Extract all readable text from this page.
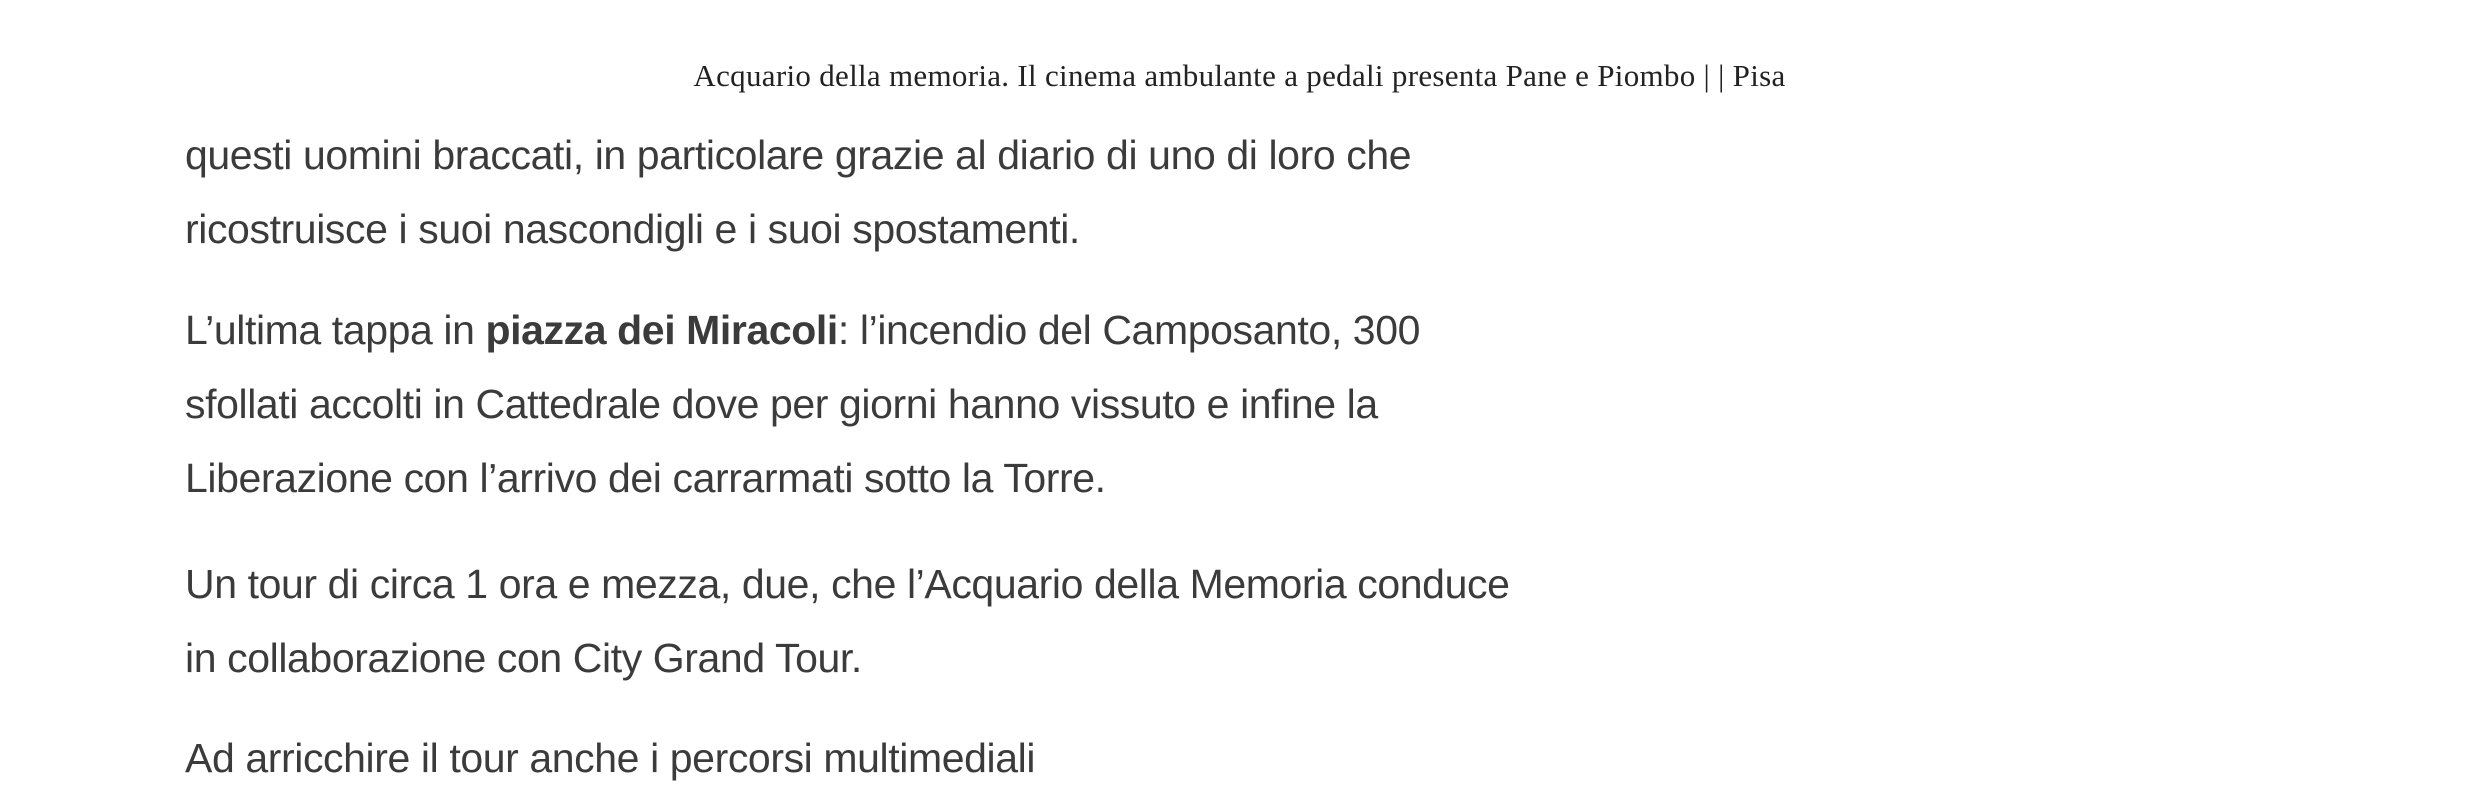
Acquario della memoria. Il cinema ambulante a pedali presenta Pane e Piombo | | Pisa
questi uomini braccati, in particolare grazie al diario di uno di loro che
ricostruisce i suoi nascondigli e i suoi spostamenti.
L’ultima tappa in piazza dei Miracoli: l’incendio del Camposanto, 300
sfollati accolti in Cattedrale dove per giorni hanno vissuto e infine la
Liberazione con l’arrivo dei carrarmati sotto la Torre.
Un tour di circa 1 ora e mezza, due, che l’Acquario della Memoria conduce
in collaborazione con City Grand Tour.
Ad arricchire il tour anche i percorsi multimediali
